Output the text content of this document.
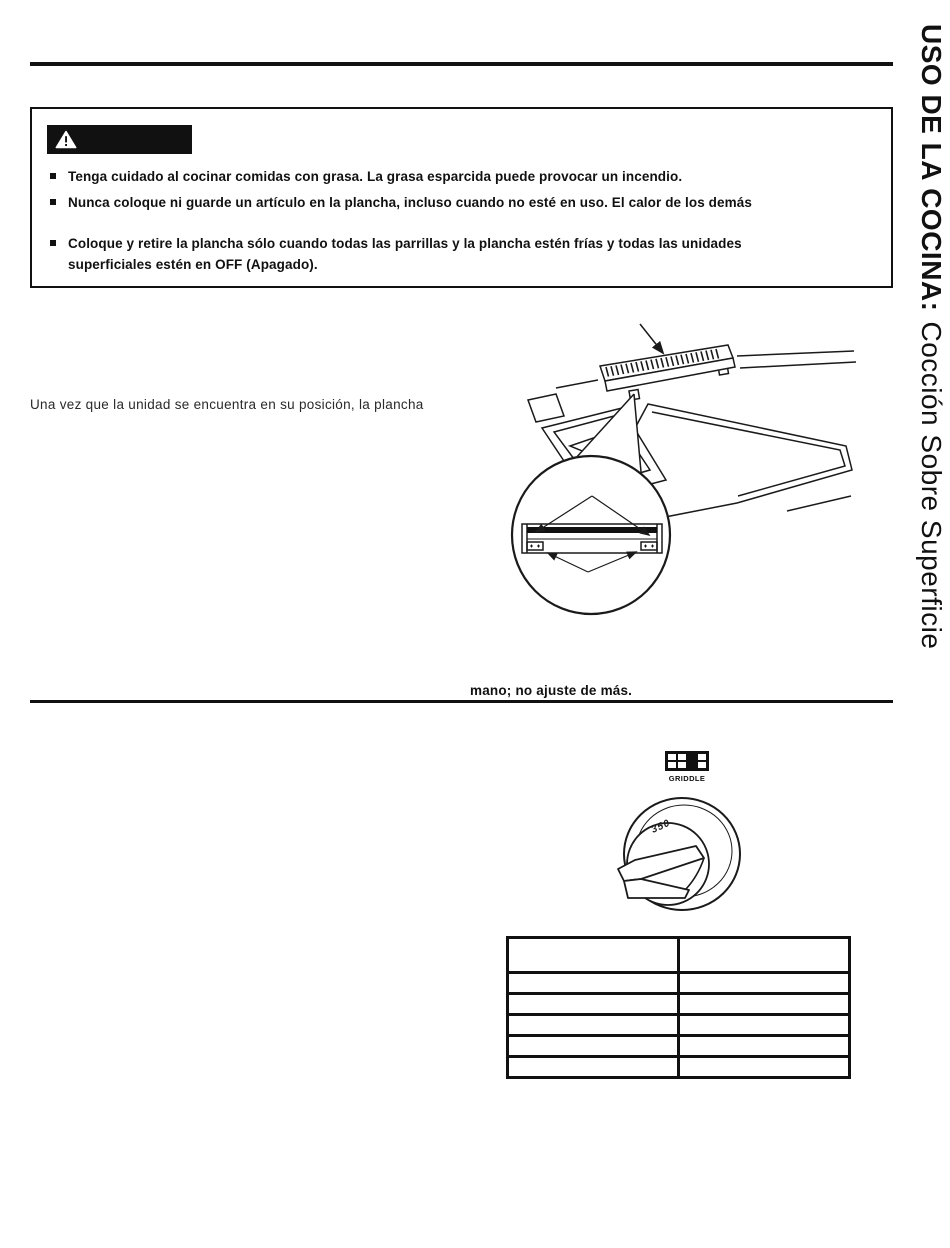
Tenga cuidado al cocinar comidas con grasa. La grasa esparcida puede provocar un incendio.
Nunca coloque ni guarde un artículo en la plancha, incluso cuando no esté en uso. El calor de los demás
Coloque y retire la plancha sólo cuando todas las parrillas y la plancha estén frías y todas las unidades
superficiales estén en OFF (Apagado).

Una vez que la unidad se encuentra en su posición, la plancha

mano; no ajuste de más.

GRIDDLE
350

USO DE LA COCINA: Cocción Sobre Superficie
